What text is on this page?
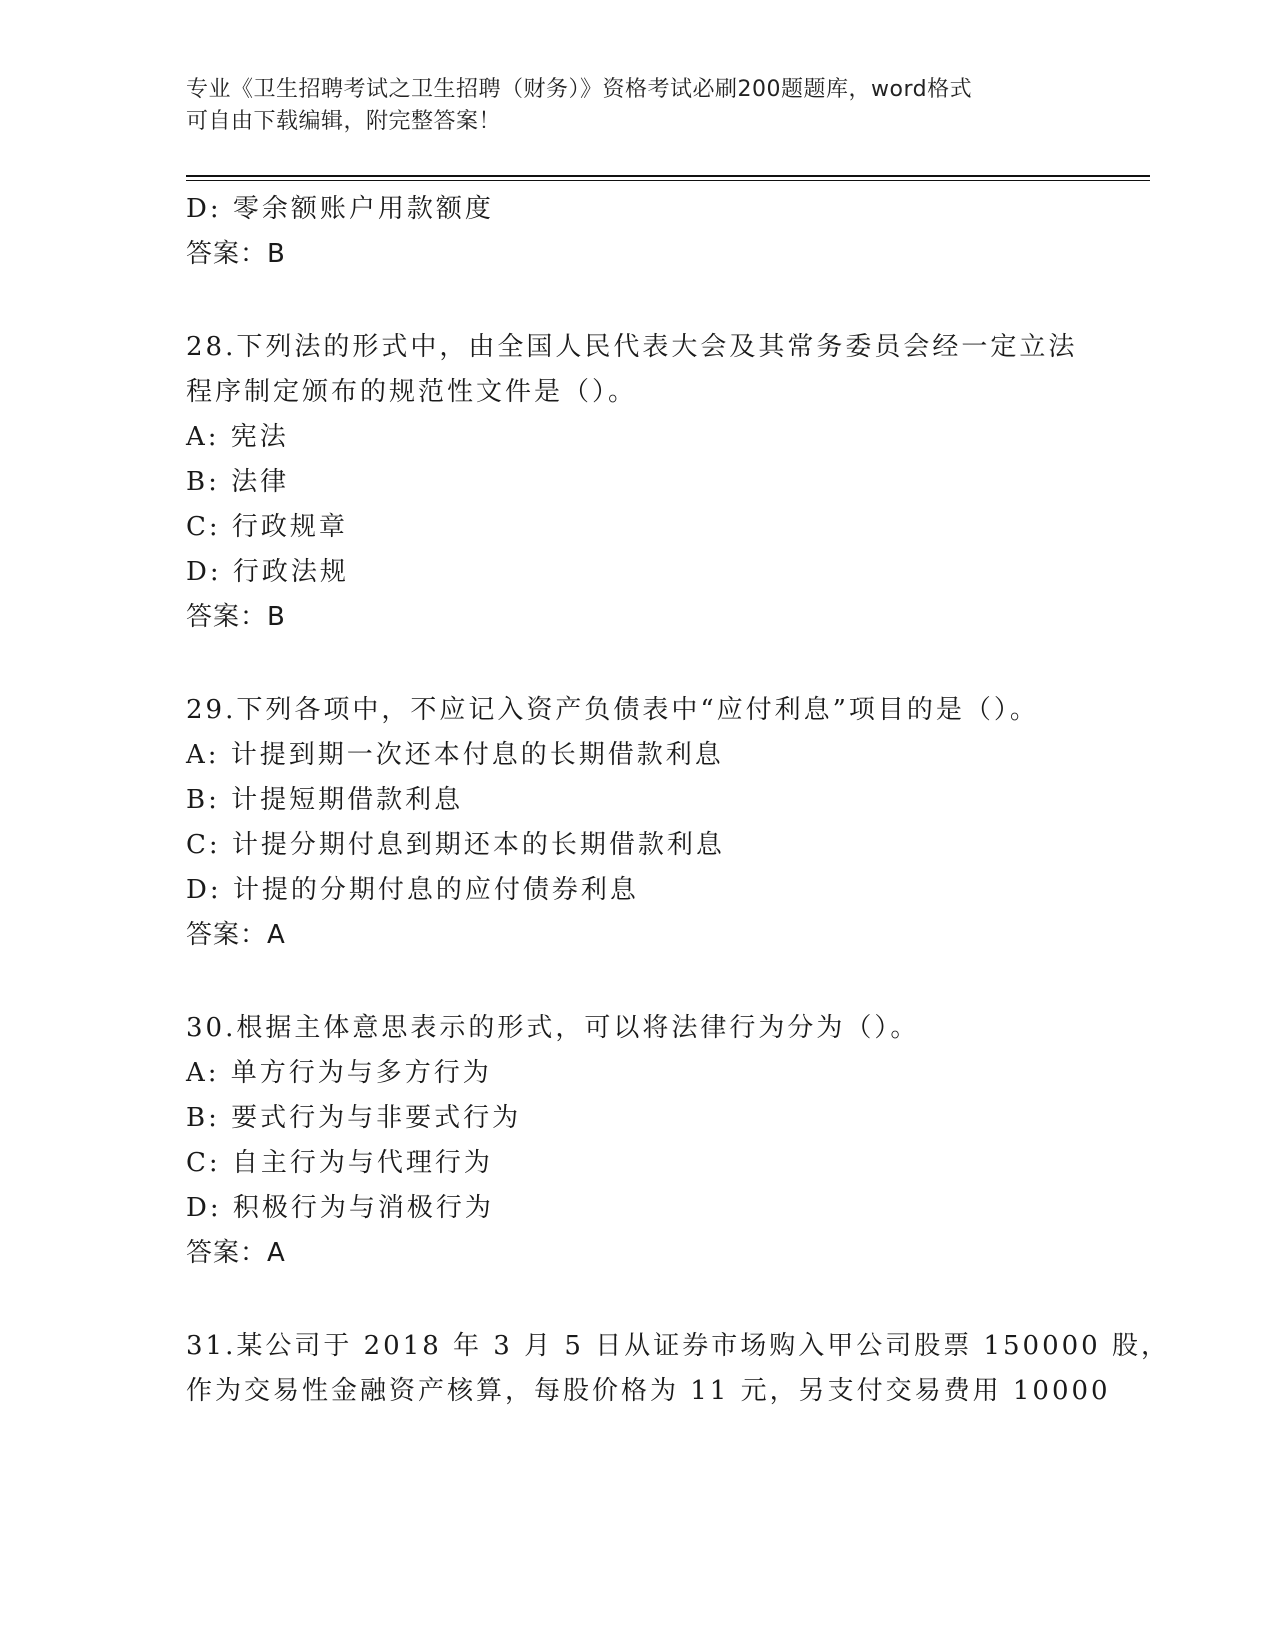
专业《卫生招聘考试之卫生招聘（财务）》资格考试必刷200题题库，word格式
可自由下载编辑，附完整答案！
D: 零余额账户用款额度
答案：B
28.下列法的形式中，由全国人民代表大会及其常务委员会经一定立法
程序制定颁布的规范性文件是（）。
A: 宪法
B: 法律
C: 行政规章
D: 行政法规
答案：B
29.下列各项中，不应记入资产负债表中“应付利息”项目的是（）。
A: 计提到期一次还本付息的长期借款利息
B: 计提短期借款利息
C: 计提分期付息到期还本的长期借款利息
D: 计提的分期付息的应付债券利息
答案：A
30.根据主体意思表示的形式，可以将法律行为分为（）。
A: 单方行为与多方行为
B: 要式行为与非要式行为
C: 自主行为与代理行为
D: 积极行为与消极行为
答案：A
31.某公司于 2018 年 3 月 5 日从证券市场购入甲公司股票 150000 股，
作为交易性金融资产核算，每股价格为 11 元，另支付交易费用 10000
